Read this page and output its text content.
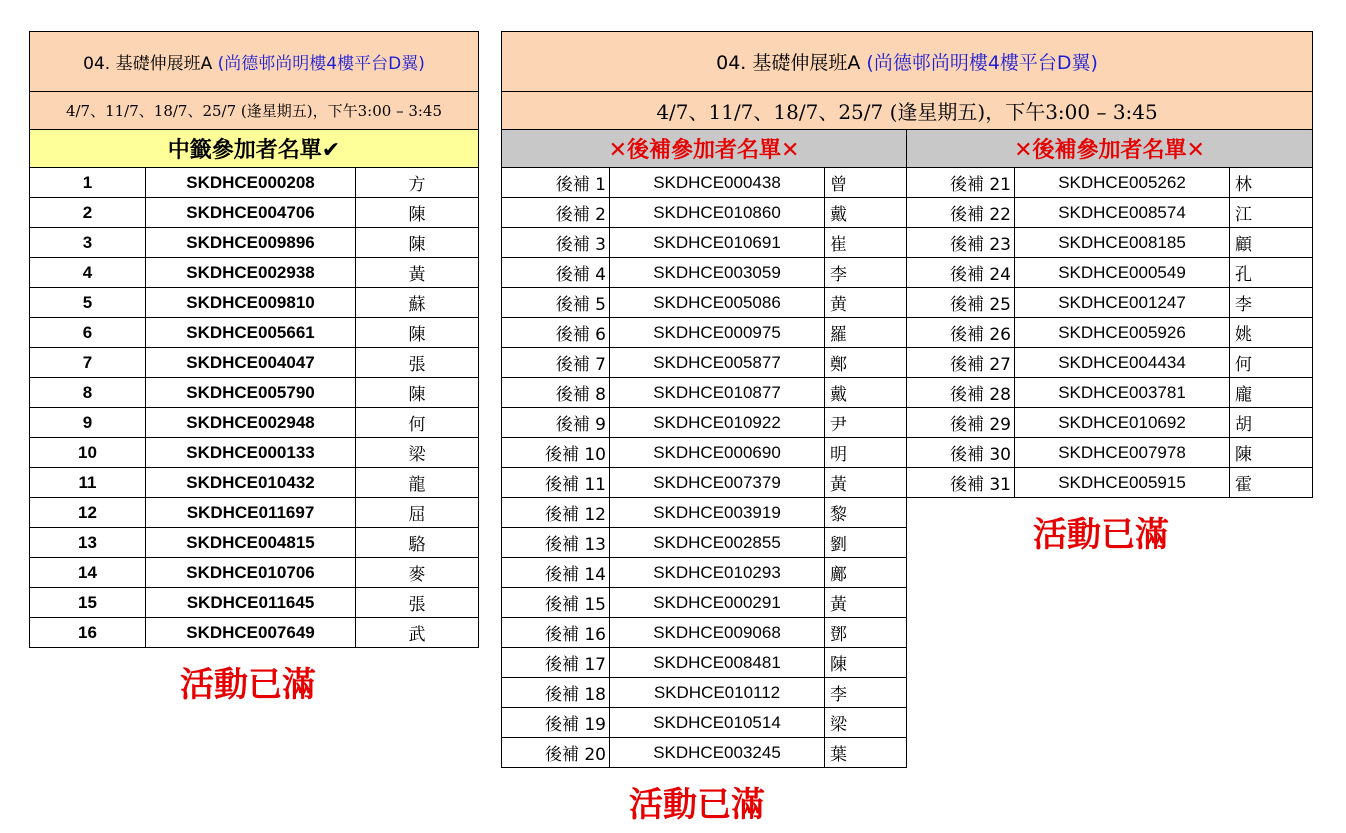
04. 基礎伸展班A (尚德邨尚明樓4樓平台D翼)		
4/7、11/7、18/7、25/7 (逢星期五)，下午3:00 – 3:45		
中籤參加者名單✔		
1	SKDHCE000208	方
2	SKDHCE004706	陳
3	SKDHCE009896	陳
4	SKDHCE002938	黃
5	SKDHCE009810	蘇
6	SKDHCE005661	陳
7	SKDHCE004047	張
8	SKDHCE005790	陳
9	SKDHCE002948	何
10	SKDHCE000133	梁
11	SKDHCE010432	龍
12	SKDHCE011697	屈
13	SKDHCE004815	駱
14	SKDHCE010706	麥
15	SKDHCE011645	張
16	SKDHCE007649	武
活動已滿
04. 基礎伸展班A (尚德邨尚明樓4樓平台D翼)					
4/7、11/7、18/7、25/7 (逢星期五)，下午3:00 – 3:45					
✕後補參加者名單✕			✕後補參加者名單✕		
後補 1	SKDHCE000438	曾	後補 21	SKDHCE005262	林
後補 2	SKDHCE010860	戴	後補 22	SKDHCE008574	江
後補 3	SKDHCE010691	崔	後補 23	SKDHCE008185	顧
後補 4	SKDHCE003059	李	後補 24	SKDHCE000549	孔
後補 5	SKDHCE005086	黄	後補 25	SKDHCE001247	李
後補 6	SKDHCE000975	羅	後補 26	SKDHCE005926	姚
後補 7	SKDHCE005877	鄭	後補 27	SKDHCE004434	何
後補 8	SKDHCE010877	戴	後補 28	SKDHCE003781	龐
後補 9	SKDHCE010922	尹	後補 29	SKDHCE010692	胡
後補 10	SKDHCE000690	明	後補 30	SKDHCE007978	陳
後補 11	SKDHCE007379	黃	後補 31	SKDHCE005915	霍
後補 12	SKDHCE003919	黎			
後補 13	SKDHCE002855	劉			
後補 14	SKDHCE010293	鄺			
後補 15	SKDHCE000291	黃			
後補 16	SKDHCE009068	鄧			
後補 17	SKDHCE008481	陳			
後補 18	SKDHCE010112	李			
後補 19	SKDHCE010514	梁			
後補 20	SKDHCE003245	葉			
活動已滿
活動已滿
